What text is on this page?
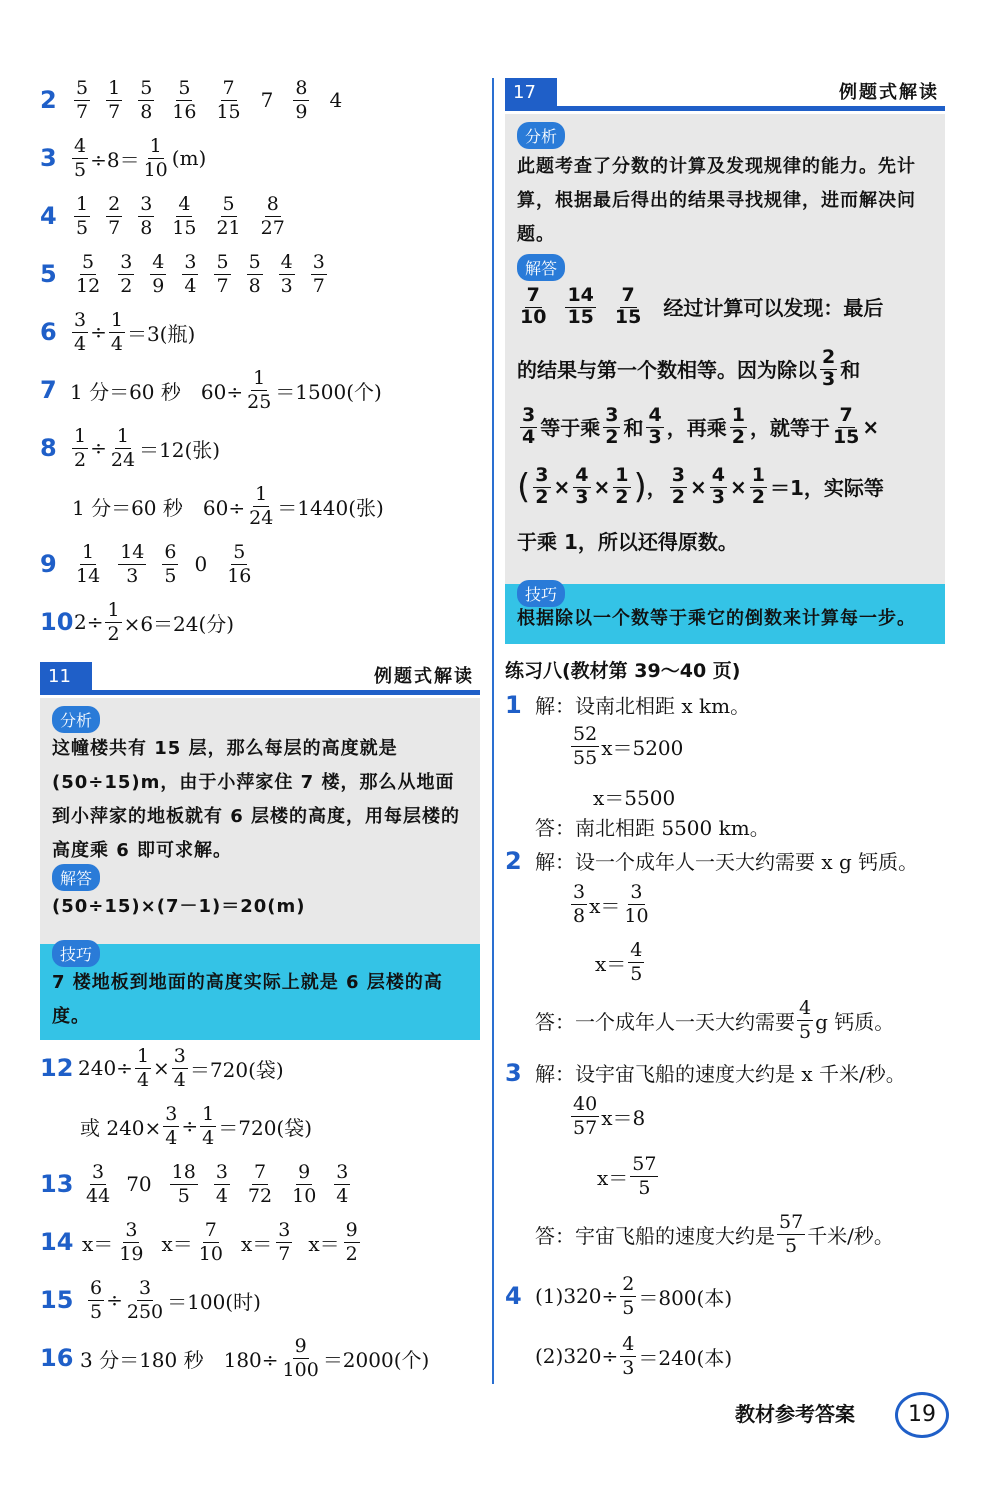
$2 \frac{5}{7} \frac{1}{7} \frac{5}{8} \frac{5}{16} \frac{7}{15} 7 \frac{8}{9} 4$
$3 \frac{4}{5} \div 8= \frac{1}{10} (m)$
$4 \frac{1}{5} \frac{2}{7} \frac{3}{8} \frac{4}{15} \frac{5}{21} \frac{8}{27}$
$5 \frac{5}{12} \frac{3}{2} \frac{4}{9} \frac{3}{4} \frac{5}{7} \frac{5}{8} \frac{4}{3} \frac{3}{7}$
$6 \frac{3}{4} \div \frac{1}{4} =3$(瓶)
7 1 分＝60 秒　$60\div \frac{1}{25} =1500$(个)
$8 \frac{1}{2} \div \frac{1}{24} =12$(张)
1 分＝60 秒　$60\div \frac{1}{24} =1440$(张)
$9 \frac{1}{14} \frac{14}{3} \frac{6}{5} 0 \frac{5}{16}$
10 $2\div \frac{1}{2} \times 6=24$(分)
11	例题式解读
分析
这幢楼共有 15 层，那么每层的高度就是(50÷15)m，由于小萍家住 7 楼，那么从地面到小萍家的地板就有 6 层楼的高度，用每层楼的高度乘 6 即可求解。
解答
(50÷15)×(7－1)＝20(m)
技巧
7 楼地板到地面的高度实际上就是 6 层楼的高度。
12 $240\div \frac{1}{4} \times \frac{3}{4} =720$(袋)
或 $240\times \frac{3}{4} \div \frac{1}{4} =720$(袋)
$13 \frac{3}{44} 70 \frac{18}{5} \frac{3}{4} \frac{7}{72} \frac{9}{10} \frac{3}{4}$
14 $x= \frac{3}{19} x= \frac{7}{10} x= \frac{3}{7} x= \frac{9}{2}$
$15 \frac{6}{5} \div \frac{3}{250} =100$(时)
16 3 分＝180 秒　$180\div \frac{9}{100} =2000$(个)
17	例题式解读
分析
此题考查了分数的计算及发现规律的能力。先计算，根据最后得出的结果寻找规律，进而解决问题。
解答
7
10
14
15
7
15 经过计算可以发现：最后
的结果与第一个数相等。因为除以
2
3 和
3
4 等于乘
3
2 和
4
3 ，再乘
1
2 ，就等于 $\frac{7}{15}$ ×
( $\frac{3}{2} \times \frac{4}{3} \times \frac{1}{2}$ ) ， $\frac{3}{2} \times \frac{4}{3} \times \frac{1}{2} =1$，实际等
于乘 1，所以还得原数。
技巧
根据除以一个数等于乘它的倒数来计算每一步。
练习八(教材第 39～40 页)
1 解：设南北相距 x km。
$\frac{52}{55} x=5200$
x＝5500
答：南北相距 5500 km。
2 解：设一个成年人一天大约需要 x g 钙质。
$\frac{3}{8} x= \frac{3}{10}$
$x= \frac{4}{5}$
答：一个成年人一天大约需要 $\frac{4}{5}$ g 钙质。
3 解：设宇宙飞船的速度大约是 x 千米/秒。
$\frac{40}{57} x=8$
$x= \frac{57}{5}$
答：宇宙飞船的速度大约是 $\frac{57}{5}$ 千米/秒。
4 $(1)320\div \frac{2}{5} =800$(本)
$(2)320\div \frac{4}{3} =240$(本)
教材参考答案	19
